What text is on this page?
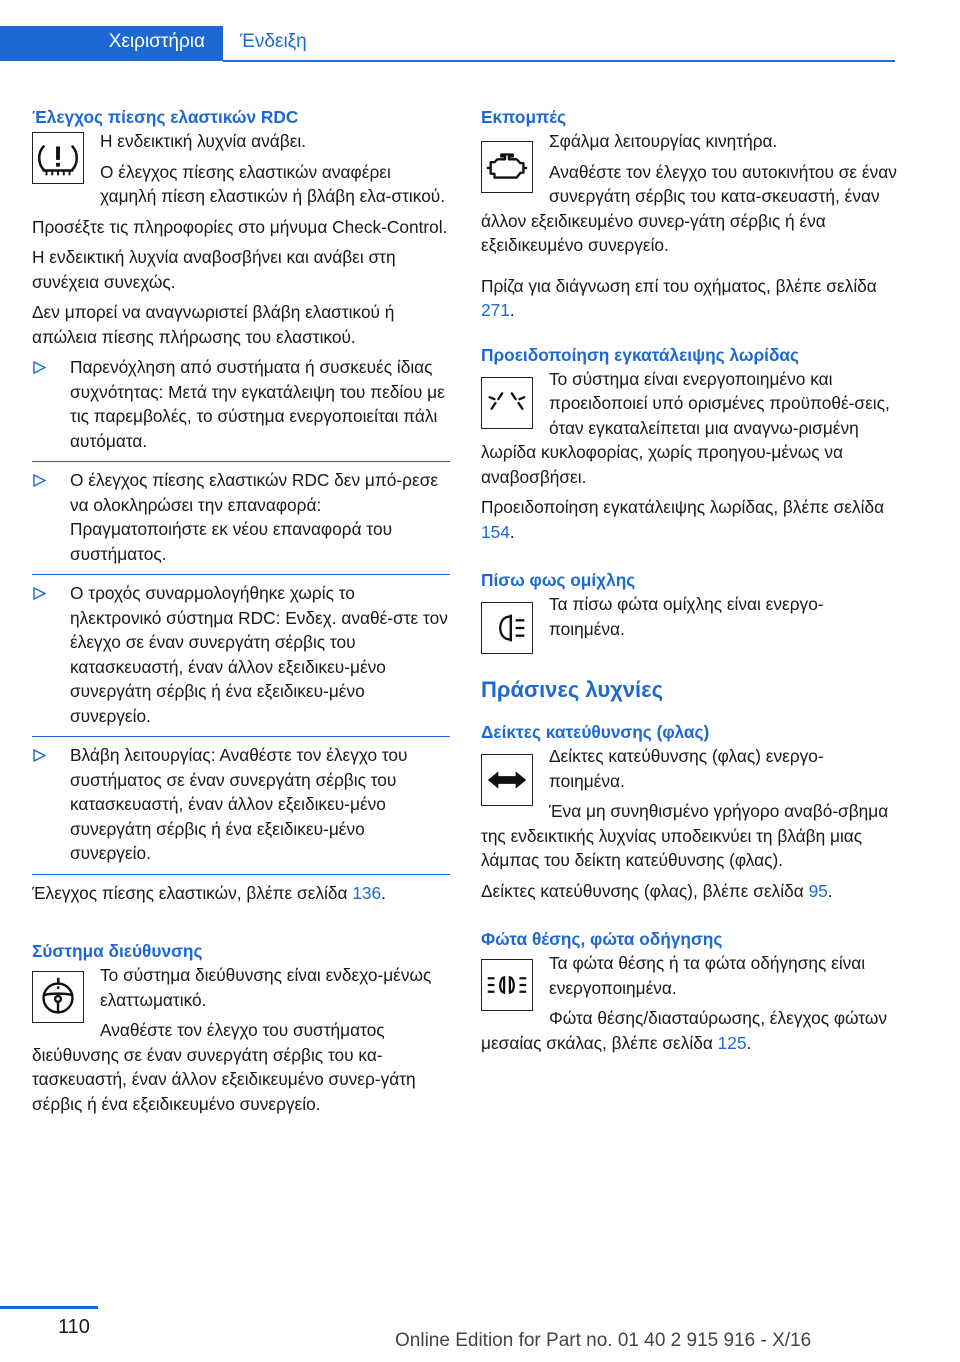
Χειριστήρια Ένδειξη
Έλεγχος πίεσης ελαστικών RDC

Η ενδεικτική λυχνία ανάβει.

Ο έλεγχος πίεσης ελαστικών αναφέρει χαμηλή πίεση ελαστικών ή βλάβη ελα-στικού.

Προσέξτε τις πληροφορίες στο μήνυμα Check-Control.

Η ενδεικτική λυχνία αναβοσβήνει και ανάβει στη συνέχεια συνεχώς.

Δεν μπορεί να αναγνωριστεί βλάβη ελαστικού ή απώλεια πίεσης πλήρωσης του ελαστικού.

Παρενόχληση από συστήματα ή συσκευές ίδιας συχνότητας: Μετά την εγκατάλειψη του πεδίου με τις παρεμβολές, το σύστημα ενεργοποιείται πάλι αυτόματα.
Ο έλεγχος πίεσης ελαστικών RDC δεν μπό-ρεσε να ολοκληρώσει την επαναφορά: Πραγματοποιήστε εκ νέου επαναφορά του συστήματος.
Ο τροχός συναρμολογήθηκε χωρίς το ηλεκτρονικό σύστημα RDC: Ενδεχ. αναθέ-στε τον έλεγχο σε έναν συνεργάτη σέρβις του κατασκευαστή, έναν άλλον εξειδικευ-μένο συνεργάτη σέρβις ή ένα εξειδικευ-μένο συνεργείο.
Βλάβη λειτουργίας: Αναθέστε τον έλεγχο του συστήματος σε έναν συνεργάτη σέρβις του κατασκευαστή, έναν άλλον εξειδικευ-μένο συνεργάτη σέρβις ή ένα εξειδικευ-μένο συνεργείο.

Έλεγχος πίεσης ελαστικών, βλέπε σελίδα 136.

Σύστημα διεύθυνσης

Το σύστημα διεύθυνσης είναι ενδεχο-μένως ελαττωματικό.

Αναθέστε τον έλεγχο του συστήματος διεύθυνσης σε έναν συνεργάτη σέρβις του κα-τασκευαστή, έναν άλλον εξειδικευμένο συνερ-γάτη σέρβις ή ένα εξειδικευμένο συνεργείο.

Εκπομπές

Σφάλμα λειτουργίας κινητήρα.

Αναθέστε τον έλεγχο του αυτοκινήτου σε έναν συνεργάτη σέρβις του κατα-σκευαστή, έναν άλλον εξειδικευμένο συνερ-γάτη σέρβις ή ένα εξειδικευμένο συνεργείο.

Πρίζα για διάγνωση επί του οχήματος, βλέπε σελίδα 271.

Προειδοποίηση εγκατάλειψης λωρίδας

Το σύστημα είναι ενεργοποιημένο και προειδοποιεί υπό ορισμένες προϋποθέ-σεις, όταν εγκαταλείπεται μια αναγνω-ρισμένη λωρίδα κυκλοφορίας, χωρίς προηγου-μένως να αναβοσβήσει.

Προειδοποίηση εγκατάλειψης λωρίδας, βλέπε σελίδα 154.

Πίσω φως ομίχλης

Τα πίσω φώτα ομίχλης είναι ενεργο-ποιημένα.

Πράσινες λυχνίες
Δείκτες κατεύθυνσης (φλας)

Δείκτες κατεύθυνσης (φλας) ενεργο-ποιημένα.

Ένα μη συνηθισμένο γρήγορο αναβό-σβημα της ενδεικτικής λυχνίας υποδεικνύει τη βλάβη μιας λάμπας του δείκτη κατεύθυνσης (φλας).

Δείκτες κατεύθυνσης (φλας), βλέπε σελίδα 95.

Φώτα θέσης, φώτα οδήγησης

Τα φώτα θέσης ή τα φώτα οδήγησης είναι ενεργοποιημένα.

Φώτα θέσης/διασταύρωσης, έλεγχος φώτων μεσαίας σκάλας, βλέπε σελίδα 125.

110
Online Edition for Part no. 01 40 2 915 916 - X/16
